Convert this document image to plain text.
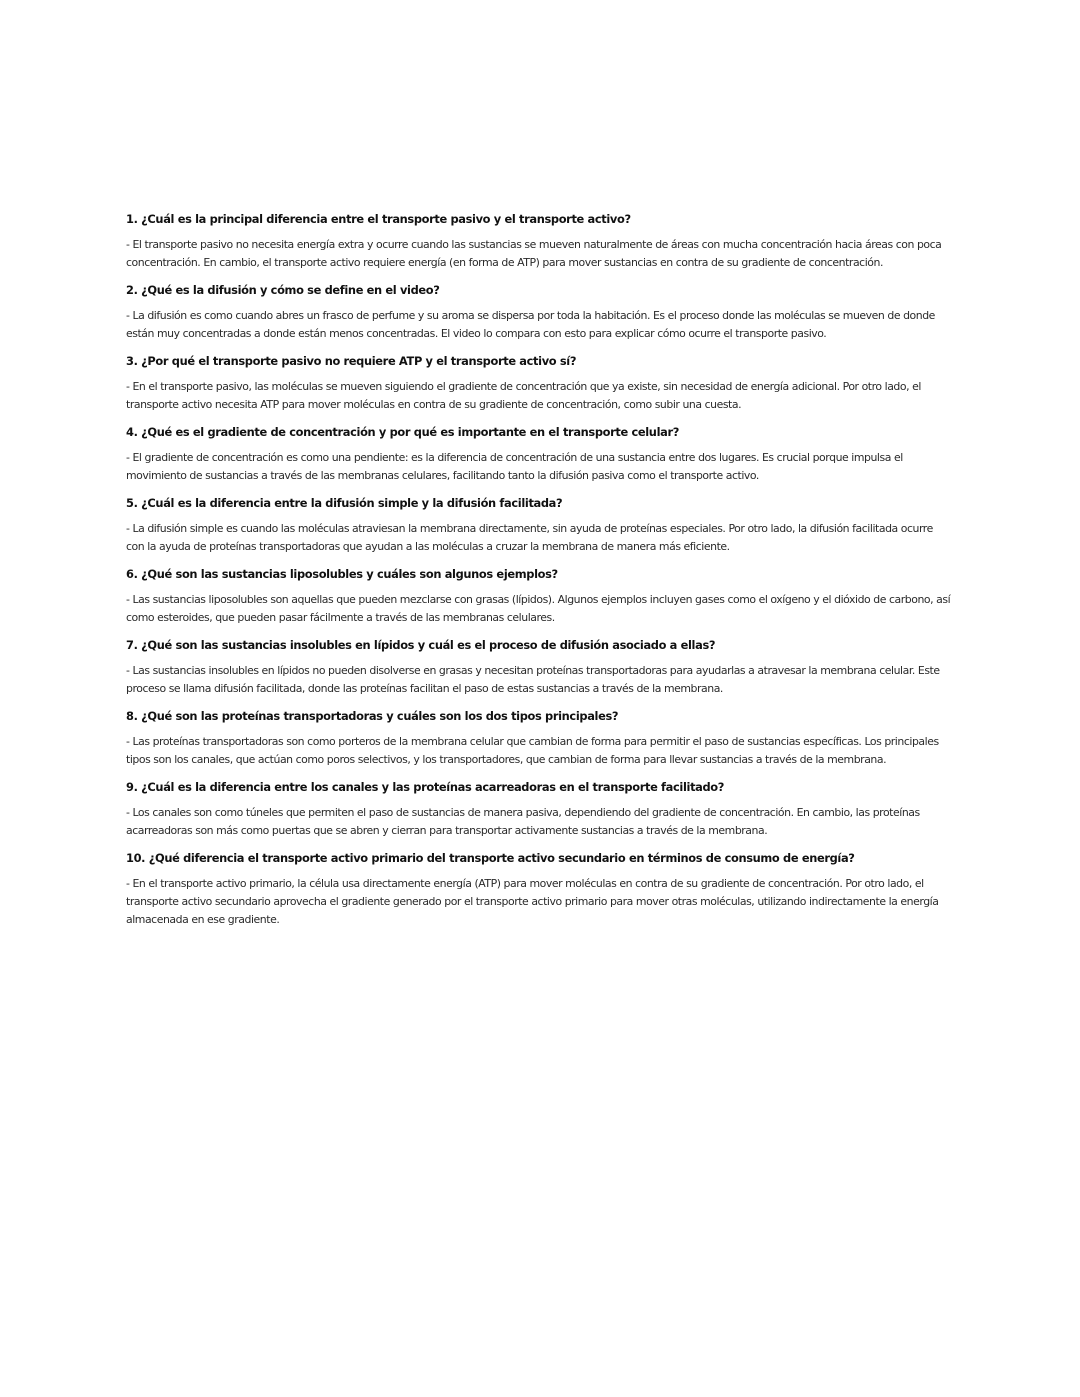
1. ¿Cuál es la principal diferencia entre el transporte pasivo y el transporte activo?

- El transporte pasivo no necesita energía extra y ocurre cuando las sustancias se mueven naturalmente de áreas con mucha concentración hacia áreas con poca concentración. En cambio, el transporte activo requiere energía (en forma de ATP) para mover sustancias en contra de su gradiente de concentración.

2. ¿Qué es la difusión y cómo se define en el video?

- La difusión es como cuando abres un frasco de perfume y su aroma se dispersa por toda la habitación. Es el proceso donde las moléculas se mueven de donde están muy concentradas a donde están menos concentradas. El video lo compara con esto para explicar cómo ocurre el transporte pasivo.

3. ¿Por qué el transporte pasivo no requiere ATP y el transporte activo sí?

- En el transporte pasivo, las moléculas se mueven siguiendo el gradiente de concentración que ya existe, sin necesidad de energía adicional. Por otro lado, el transporte activo necesita ATP para mover moléculas en contra de su gradiente de concentración, como subir una cuesta.

4. ¿Qué es el gradiente de concentración y por qué es importante en el transporte celular?

- El gradiente de concentración es como una pendiente: es la diferencia de concentración de una sustancia entre dos lugares. Es crucial porque impulsa el movimiento de sustancias a través de las membranas celulares, facilitando tanto la difusión pasiva como el transporte activo.

5. ¿Cuál es la diferencia entre la difusión simple y la difusión facilitada?

- La difusión simple es cuando las moléculas atraviesan la membrana directamente, sin ayuda de proteínas especiales. Por otro lado, la difusión facilitada ocurre con la ayuda de proteínas transportadoras que ayudan a las moléculas a cruzar la membrana de manera más eficiente.

6. ¿Qué son las sustancias liposolubles y cuáles son algunos ejemplos?

- Las sustancias liposolubles son aquellas que pueden mezclarse con grasas (lípidos). Algunos ejemplos incluyen gases como el oxígeno y el dióxido de carbono, así como esteroides, que pueden pasar fácilmente a través de las membranas celulares.

7. ¿Qué son las sustancias insolubles en lípidos y cuál es el proceso de difusión asociado a ellas?

- Las sustancias insolubles en lípidos no pueden disolverse en grasas y necesitan proteínas transportadoras para ayudarlas a atravesar la membrana celular. Este proceso se llama difusión facilitada, donde las proteínas facilitan el paso de estas sustancias a través de la membrana.

8. ¿Qué son las proteínas transportadoras y cuáles son los dos tipos principales?

- Las proteínas transportadoras son como porteros de la membrana celular que cambian de forma para permitir el paso de sustancias específicas. Los principales tipos son los canales, que actúan como poros selectivos, y los transportadores, que cambian de forma para llevar sustancias a través de la membrana.

9. ¿Cuál es la diferencia entre los canales y las proteínas acarreadoras en el transporte facilitado?

- Los canales son como túneles que permiten el paso de sustancias de manera pasiva, dependiendo del gradiente de concentración. En cambio, las proteínas acarreadoras son más como puertas que se abren y cierran para transportar activamente sustancias a través de la membrana.

10. ¿Qué diferencia el transporte activo primario del transporte activo secundario en términos de consumo de energía?

- En el transporte activo primario, la célula usa directamente energía (ATP) para mover moléculas en contra de su gradiente de concentración. Por otro lado, el transporte activo secundario aprovecha el gradiente generado por el transporte activo primario para mover otras moléculas, utilizando indirectamente la energía almacenada en ese gradiente.
